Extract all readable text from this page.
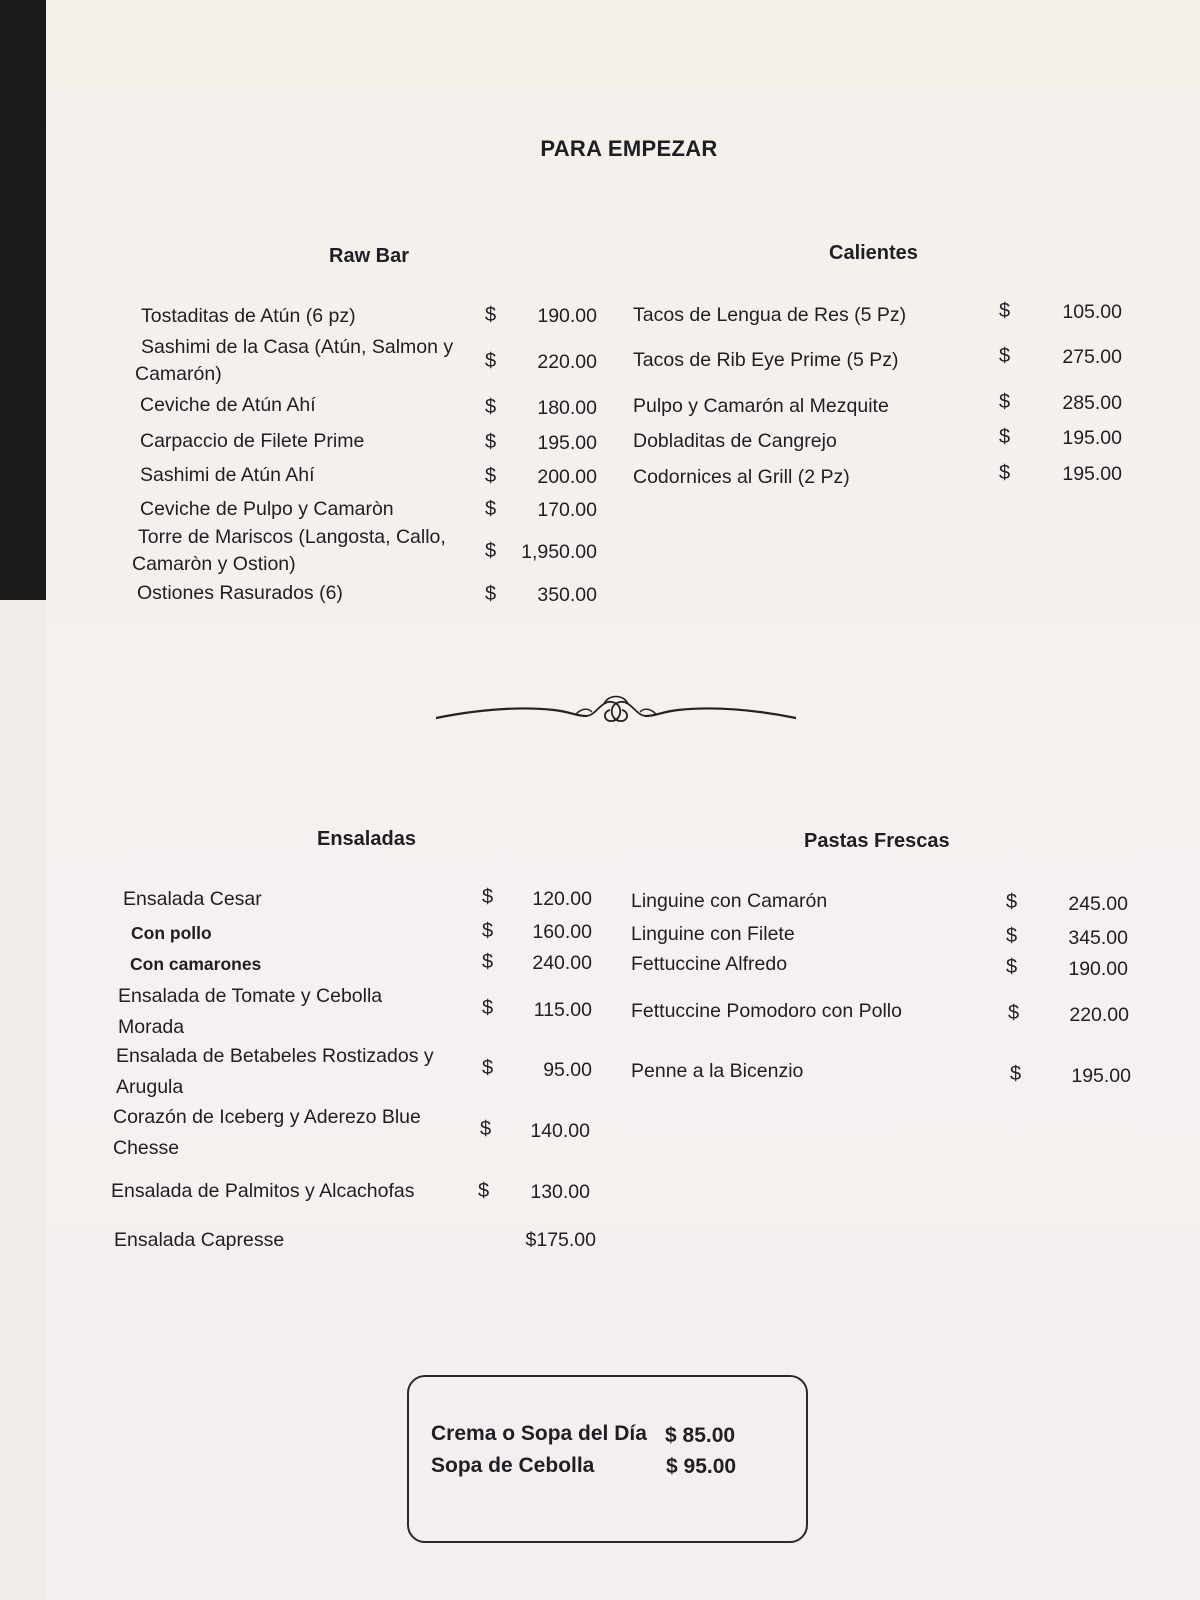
PARA EMPEZAR
Raw Bar
Tostaditas de Atún (6 pz)	$	190.00
Sashimi de la Casa (Atún, Salmon y Camarón)
$	220.00
Ceviche de Atún Ahí	$	180.00
Carpaccio de Filete Prime	$	195.00
Sashimi de Atún Ahí	$	200.00
Ceviche de Pulpo y Camaròn	$	170.00
Torre de Mariscos (Langosta, Callo, Camaròn y Ostion)
$	1,950.00
Ostiones Rasurados (6)	$	350.00
Calientes
Tacos de Lengua de Res (5 Pz)	$	105.00
Tacos de Rib Eye Prime (5 Pz)	$	275.00
Pulpo y Camarón al Mezquite	$	285.00
Dobladitas de Cangrejo	$	195.00
Codornices al Grill (2 Pz)	$	195.00
Ensaladas
Ensalada Cesar	$	120.00
Con pollo	$	160.00
Con camarones	$	240.00
Ensalada de Tomate y Cebolla Morada
$	115.00
Ensalada de Betabeles Rostizados y Arugula
$	95.00
Corazón de Iceberg y Aderezo Blue Chesse
$	140.00
Ensalada de Palmitos y Alcachofas	$	130.00
Ensalada Capresse	$175.00
Pastas Frescas
Linguine con Camarón	$	245.00
Linguine con Filete	$	345.00
Fettuccine Alfredo	$	190.00
Fettuccine Pomodoro con Pollo	$	220.00
Penne a la Bicenzio	$	195.00
Crema o Sopa del Día $ 85.00
Sopa de Cebolla	$ 95.00
